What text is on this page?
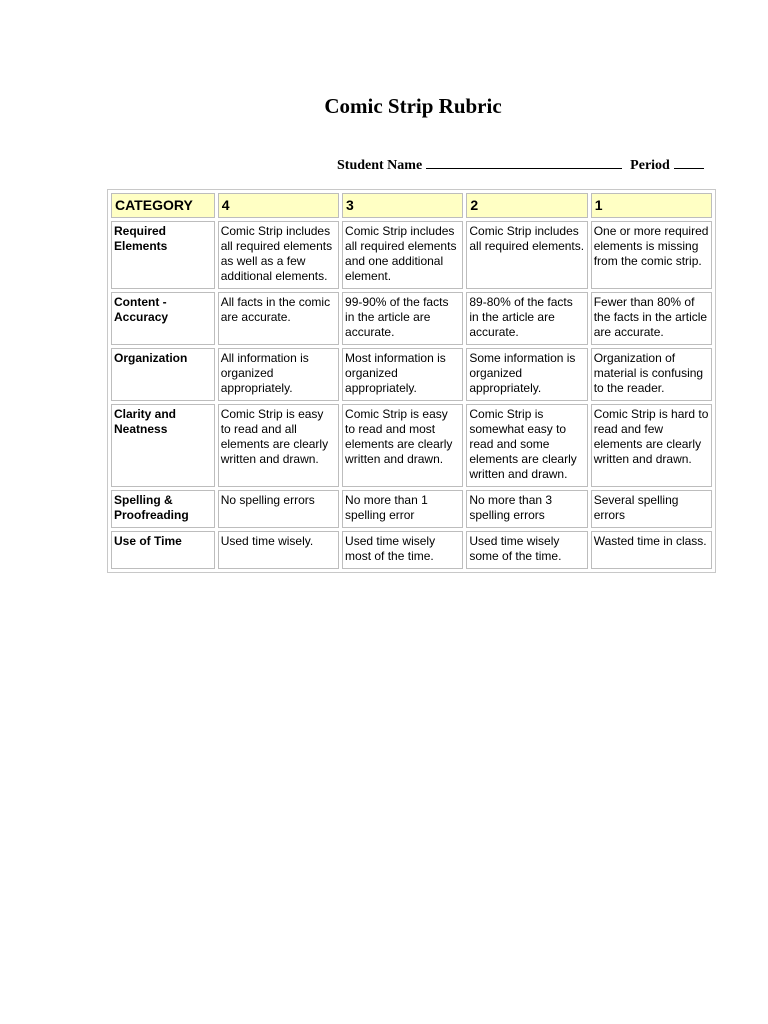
Comic Strip Rubric
Student Name	Period
CATEGORY	4	3	2	1
Required Elements	Comic Strip includes all required elements as well as a few additional elements.	Comic Strip includes all required elements and one additional element.	Comic Strip includes all required elements.	One or more required elements is missing from the comic strip.
Content - Accuracy	All facts in the comic are accurate.	99-90% of the facts in the article are accurate.	89-80% of the facts in the article are accurate.	Fewer than 80% of the facts in the article are accurate.
Organization	All information is organized appropriately.	Most information is organized appropriately.	Some information is organized appropriately.	Organization of material is confusing to the reader.
Clarity and Neatness	Comic Strip is easy to read and all elements are clearly written and drawn.	Comic Strip is easy to read and most elements are clearly written and drawn.	Comic Strip is somewhat easy to read and some elements are clearly written and drawn.	Comic Strip is hard to read and few elements are clearly written and drawn.
Spelling & Proofreading	No spelling errors	No more than 1 spelling error	No more than 3 spelling errors	Several spelling errors
Use of Time	Used time wisely.	Used time wisely most of the time.	Used time wisely some of the time.	Wasted time in class.
